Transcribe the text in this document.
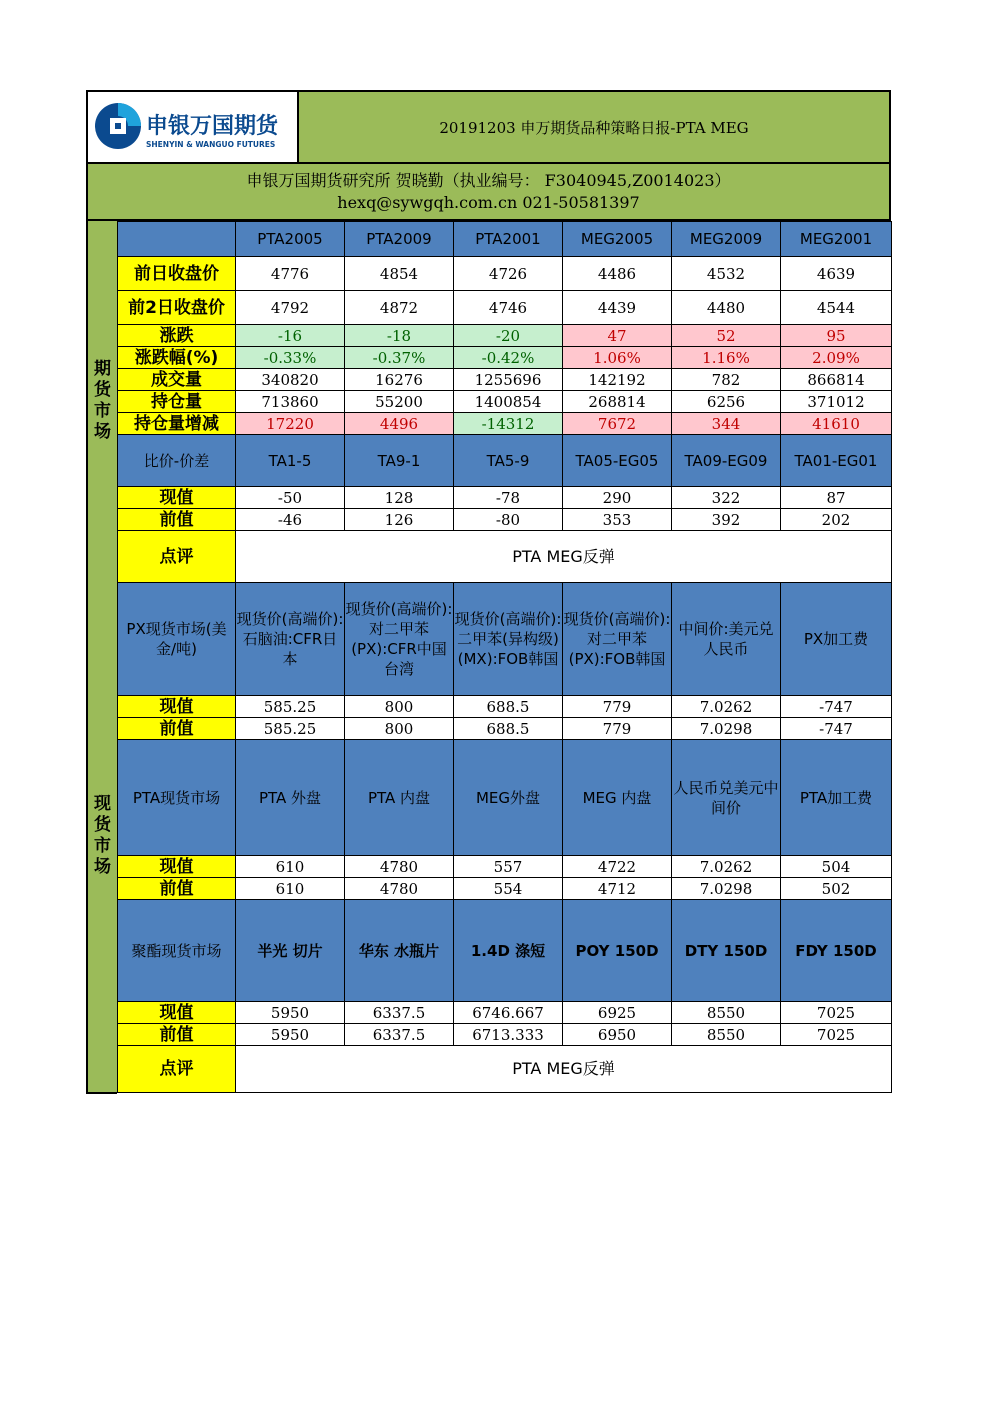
申银万国期货
SHENYIN & WANGUO FUTURES
20191203 申万期货品种策略日报-PTA MEG
申银万国期货研究所 贺晓勤（执业编号： F3040945,Z0014023）
hexq@sywgqh.com.cn 021-50581397
期
货
市
场
现
货
市
场
	PTA2005	PTA2009	PTA2001	MEG2005	MEG2009	MEG2001
前日收盘价	4776	4854	4726	4486	4532	4639
前2日收盘价	4792	4872	4746	4439	4480	4544
涨跌	-16	-18	-20	47	52	95
涨跌幅(%)	-0.33%	-0.37%	-0.42%	1.06%	1.16%	2.09%
成交量	340820	16276	1255696	142192	782	866814
持仓量	713860	55200	1400854	268814	6256	371012
持仓量增减	17220	4496	-14312	7672	344	41610
比价-价差	TA1-5	TA9-1	TA5-9	TA05-EG05	TA09-EG09	TA01-EG01
现值	-50	128	-78	290	322	87
前值	-46	126	-80	353	392	202
点评	PTA MEG反弹					
PX现货市场(美金/吨)	现货价(高端价):石脑油:CFR日本	现货价(高端价):对二甲苯(PX):CFR中国台湾	现货价(高端价):二甲苯(异构级)(MX):FOB韩国	现货价(高端价):对二甲苯(PX):FOB韩国	中间价:美元兑人民币	PX加工费
现值	585.25	800	688.5	779	7.0262	-747
前值	585.25	800	688.5	779	7.0298	-747
PTA现货市场	PTA 外盘	PTA 内盘	MEG外盘	MEG 内盘	人民币兑美元中间价	PTA加工费
现值	610	4780	557	4722	7.0262	504
前值	610	4780	554	4712	7.0298	502
聚酯现货市场	半光 切片	华东 水瓶片	1.4D 涤短	POY 150D	DTY 150D	FDY 150D
现值	5950	6337.5	6746.667	6925	8550	7025
前值	5950	6337.5	6713.333	6950	8550	7025
点评	PTA MEG反弹					
